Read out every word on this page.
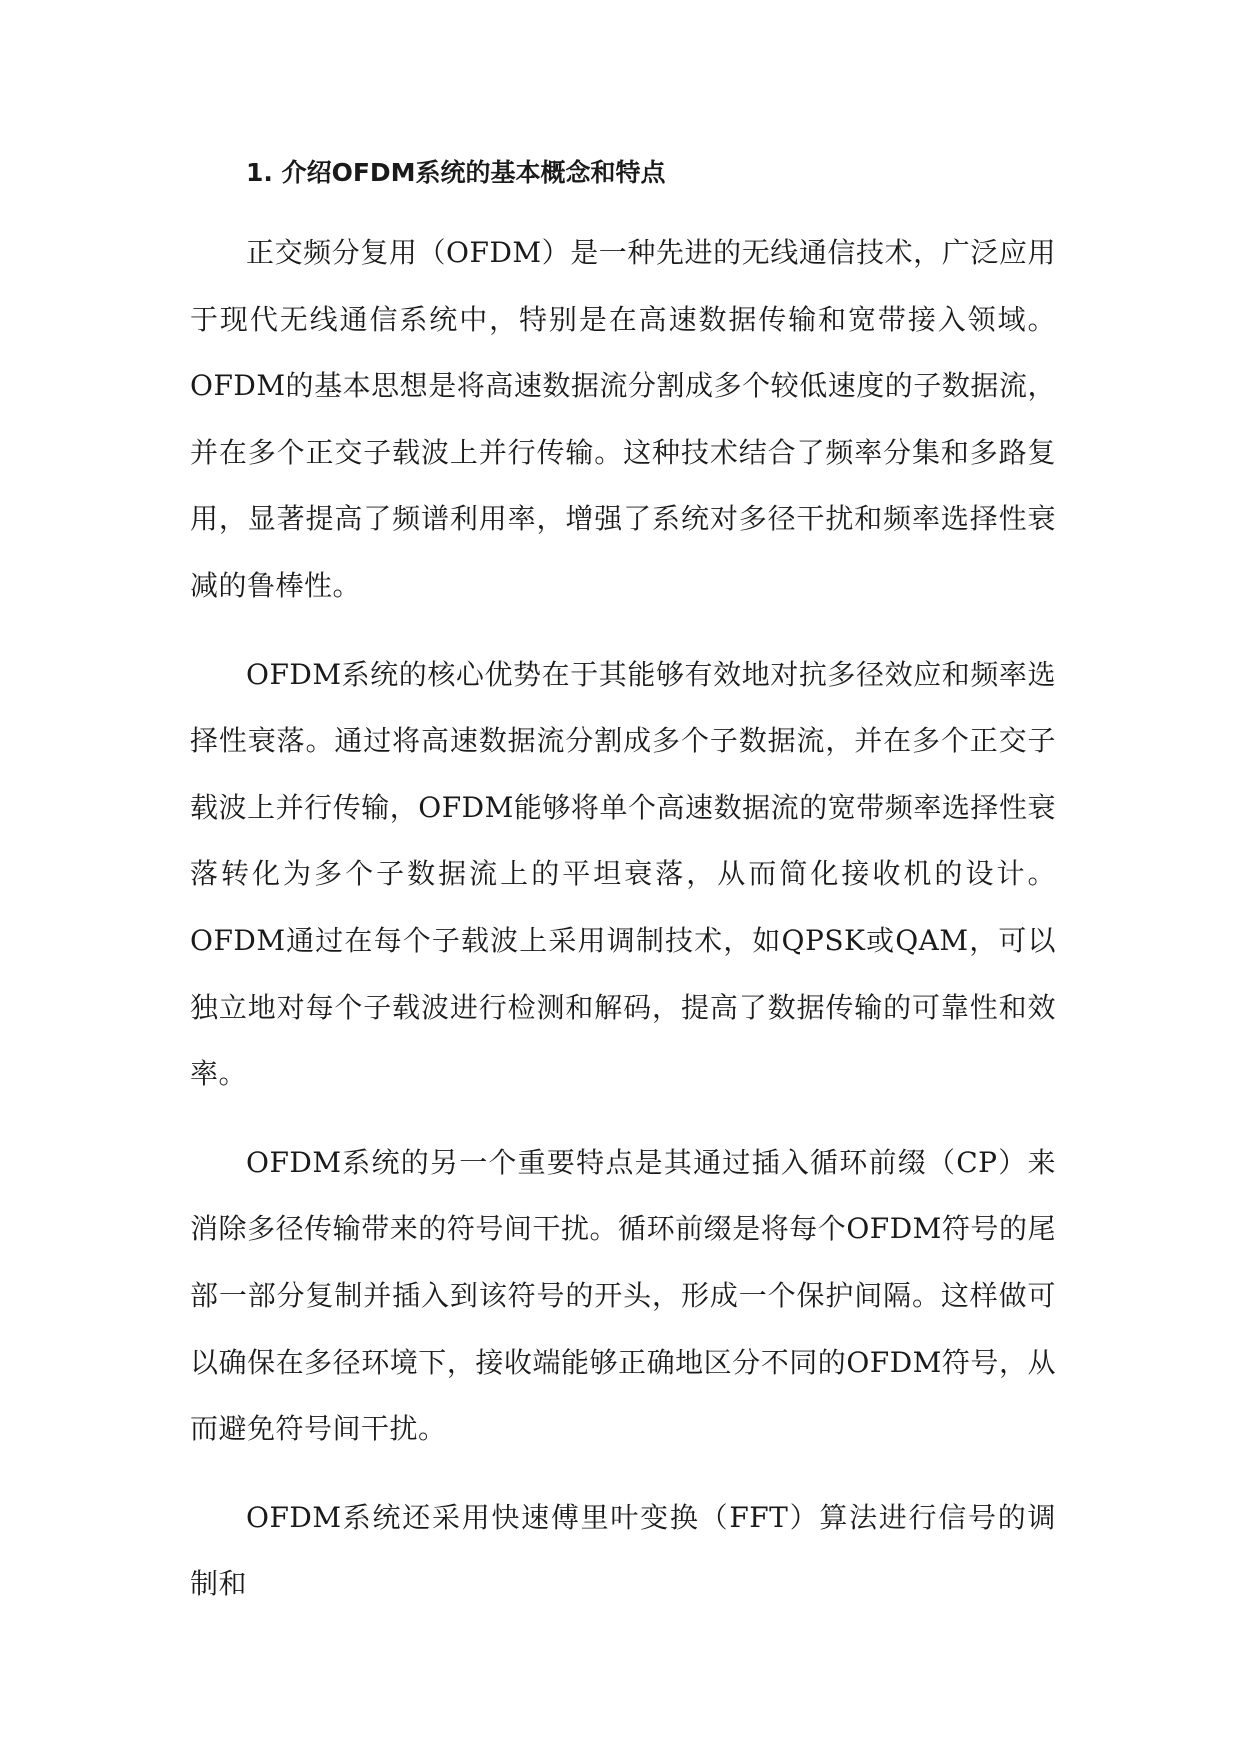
1. 介绍OFDM系统的基本概念和特点

正交频分复用（OFDM）是一种先进的无线通信技术，广泛应用于现代无线通信系统中，特别是在高速数据传输和宽带接入领域。OFDM的基本思想是将高速数据流分割成多个较低速度的子数据流，并在多个正交子载波上并行传输。这种技术结合了频率分集和多路复用，显著提高了频谱利用率，增强了系统对多径干扰和频率选择性衰减的鲁棒性。

OFDM系统的核心优势在于其能够有效地对抗多径效应和频率选择性衰落。通过将高速数据流分割成多个子数据流，并在多个正交子载波上并行传输，OFDM能够将单个高速数据流的宽带频率选择性衰落转化为多个子数据流上的平坦衰落，从而简化接收机的设计。OFDM通过在每个子载波上采用调制技术，如QPSK或QAM，可以独立地对每个子载波进行检测和解码，提高了数据传输的可靠性和效率。

OFDM系统的另一个重要特点是其通过插入循环前缀（CP）来消除多径传输带来的符号间干扰。循环前缀是将每个OFDM符号的尾部一部分复制并插入到该符号的开头，形成一个保护间隔。这样做可以确保在多径环境下，接收端能够正确地区分不同的OFDM符号，从而避免符号间干扰。

OFDM系统还采用快速傅里叶变换（FFT）算法进行信号的调制和
